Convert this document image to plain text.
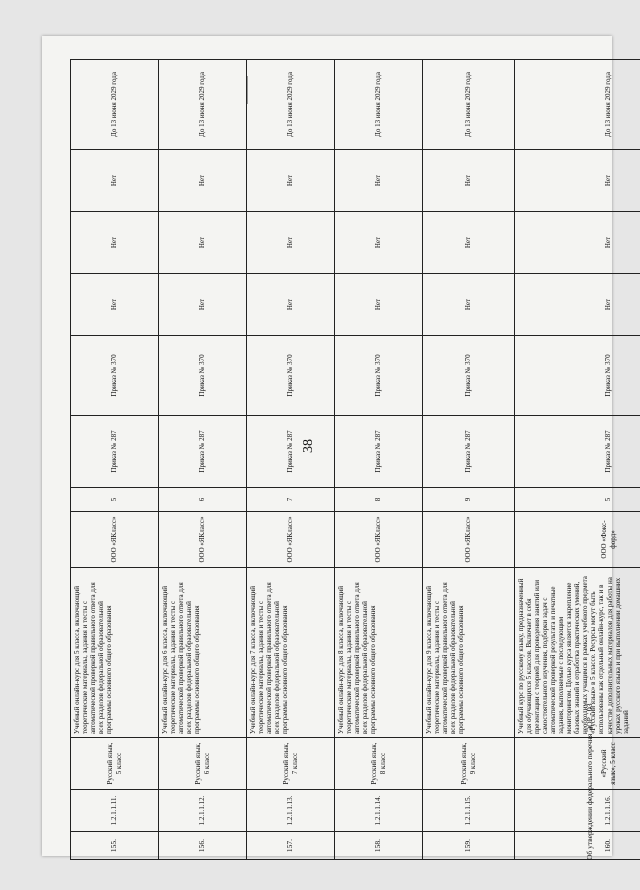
38
155.	1.2.1.1.11.	Русский язык, 5 класс	Учебный онлайн-курс для 5 класса, включающий теоретические материалы, задания и тесты с автоматической проверкой правильного ответа для всех разделов федеральной образовательной программы основного общего образования	ООО «ЯКласс»	5	Приказ № 287	Приказ № 370	Нет	Нет	Нет	До 13 июня 2029 года
156.	1.2.1.1.12.	Русский язык, 6 класс	Учебный онлайн-курс для 6 класса, включающий теоретические материалы, задания и тесты с автоматической проверкой правильного ответа для всех разделов федеральной образовательной программы основного общего образования	ООО «ЯКласс»	6	Приказ № 287	Приказ № 370	Нет	Нет	Нет	До 13 июня 2029 года
157.	1.2.1.1.13.	Русский язык, 7 класс	Учебный онлайн-курс для 7 класса, включающий теоретические материалы, задания и тесты с автоматической проверкой правильного ответа для всех разделов федеральной образовательной программы основного общего образования	ООО «ЯКласс»	7	Приказ № 287	Приказ № 370	Нет	Нет	Нет	До 13 июня 2029 года
158.	1.2.1.1.14.	Русский язык, 8 класс	Учебный онлайн-курс для 8 класса, включающий теоретические материалы, задания и тесты с автоматической проверкой правильного ответа для всех разделов федеральной образовательной программы основного общего образования	ООО «ЯКласс»	8	Приказ № 287	Приказ № 370	Нет	Нет	Нет	До 13 июня 2029 года
159.	1.2.1.1.15.	Русский язык, 9 класс	Учебный онлайн-курс для 9 класса, включающий теоретические материалы, задания и тесты с автоматической проверкой правильного ответа для всех разделов федеральной образовательной программы основного общего образования	ООО «ЯКласс»	9	Приказ № 287	Приказ № 370	Нет	Нет	Нет	До 13 июня 2029 года
160.	1.2.1.1.16.	«Русский язык», 5 класс	Учебный курс по русскому языку, предназначенный для обучающихся 5 классов. Включает в себя презентации с теорией для проведения занятий или самостоятельного изучения, подборки задач с автоматической проверкой результата и печатные задания, выполняемые с последующим мониторингом. Целью курса является закрепление базовых знаний и отработка практических умений, необходимых учащимся в рамках учебного предмета «Русский язык» в 5 классе. Ресурсы могут быть использованы как отдельный онлайн-курс, так и в качестве дополнительных материалов для работы на уроках русского языка и при выполнении домашних заданий	ООО «Фокс-форд»	5	Приказ № 287	Приказ № 370	Нет	Нет	Нет	До 13 июня 2029 года
Об утверждении федерального перечня ЭОР - 03
